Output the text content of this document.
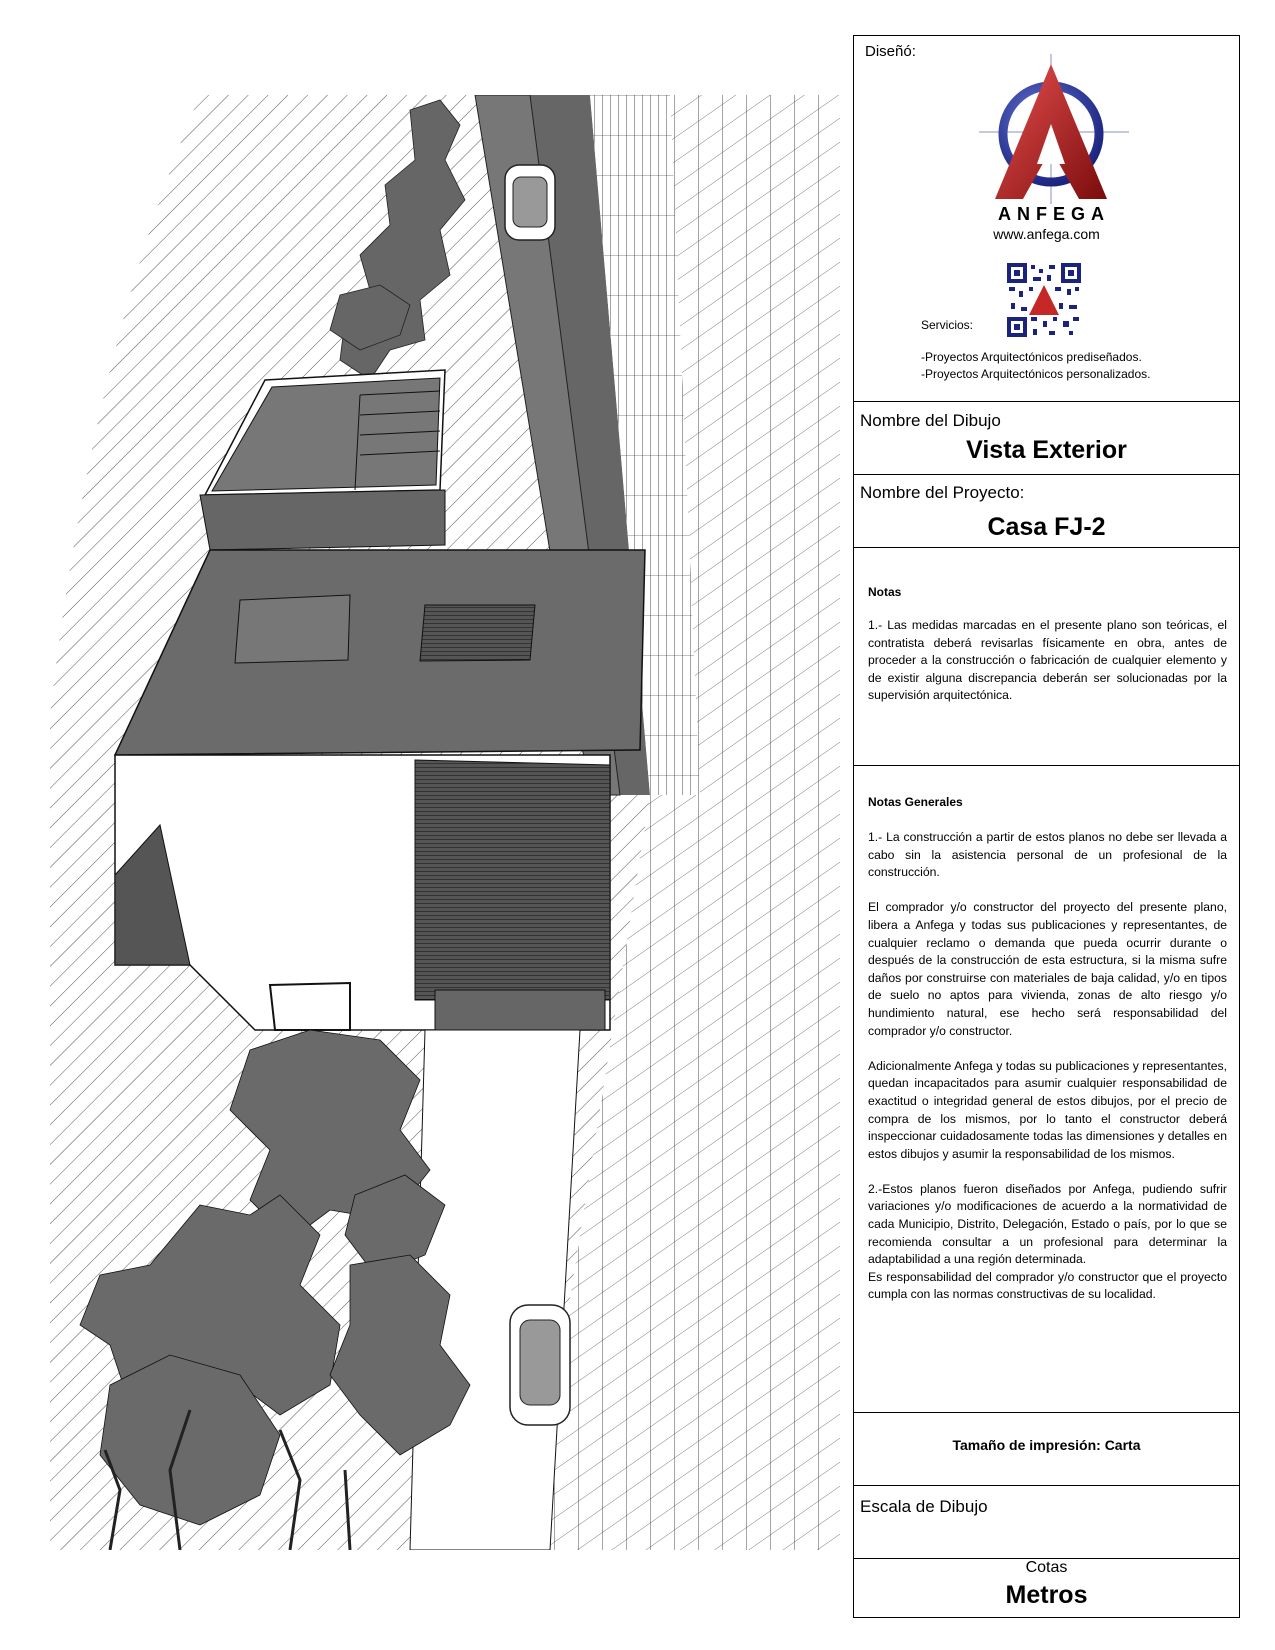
Diseñó:
ANFEGA
www.anfega.com
Servicios:
-Proyectos Arquitectónicos prediseñados.
-Proyectos Arquitectónicos personalizados.
Nombre del Dibujo
Vista Exterior
Nombre del Proyecto:
Casa FJ-2
Notas

1.- Las medidas marcadas en el presente plano son teóricas, el contratista deberá revisarlas físicamente en obra, antes de proceder a la construcción o fabricación de cualquier elemento y de existir alguna discrepancia deberán ser solucionadas por la supervisión arquitectónica.

Notas Generales

1.- La construcción a partir de estos planos no debe ser llevada a cabo sin la asistencia personal de un profesional de la construcción.

El comprador y/o constructor del proyecto del presente plano, libera a Anfega y todas sus publicaciones y representantes, de cualquier reclamo o demanda que pueda ocurrir durante o después de la construcción de esta estructura, si la misma sufre daños por construirse con materiales de baja calidad, y/o en tipos de suelo no aptos para vivienda, zonas de alto riesgo y/o hundimiento natural, ese hecho será responsabilidad del comprador y/o constructor.

Adicionalmente Anfega y todas su publicaciones y representantes, quedan incapacitados para asumir cualquier responsabilidad de exactitud o integridad general de estos dibujos, por el precio de compra de los mismos, por lo tanto el constructor deberá inspeccionar cuidadosamente todas las dimensiones y detalles en estos dibujos y asumir la responsabilidad de los mismos.

2.-Estos planos fueron diseñados por Anfega, pudiendo sufrir variaciones y/o modificaciones de acuerdo a la normatividad de cada Municipio, Distrito, Delegación, Estado o país, por lo que se recomienda consultar a un profesional para determinar la adaptabilidad a una región determinada.

Es responsabilidad del comprador y/o constructor que el proyecto cumpla con las normas constructivas de su localidad.

Tamaño de impresión: Carta
Escala de Dibujo
Cotas
Metros
